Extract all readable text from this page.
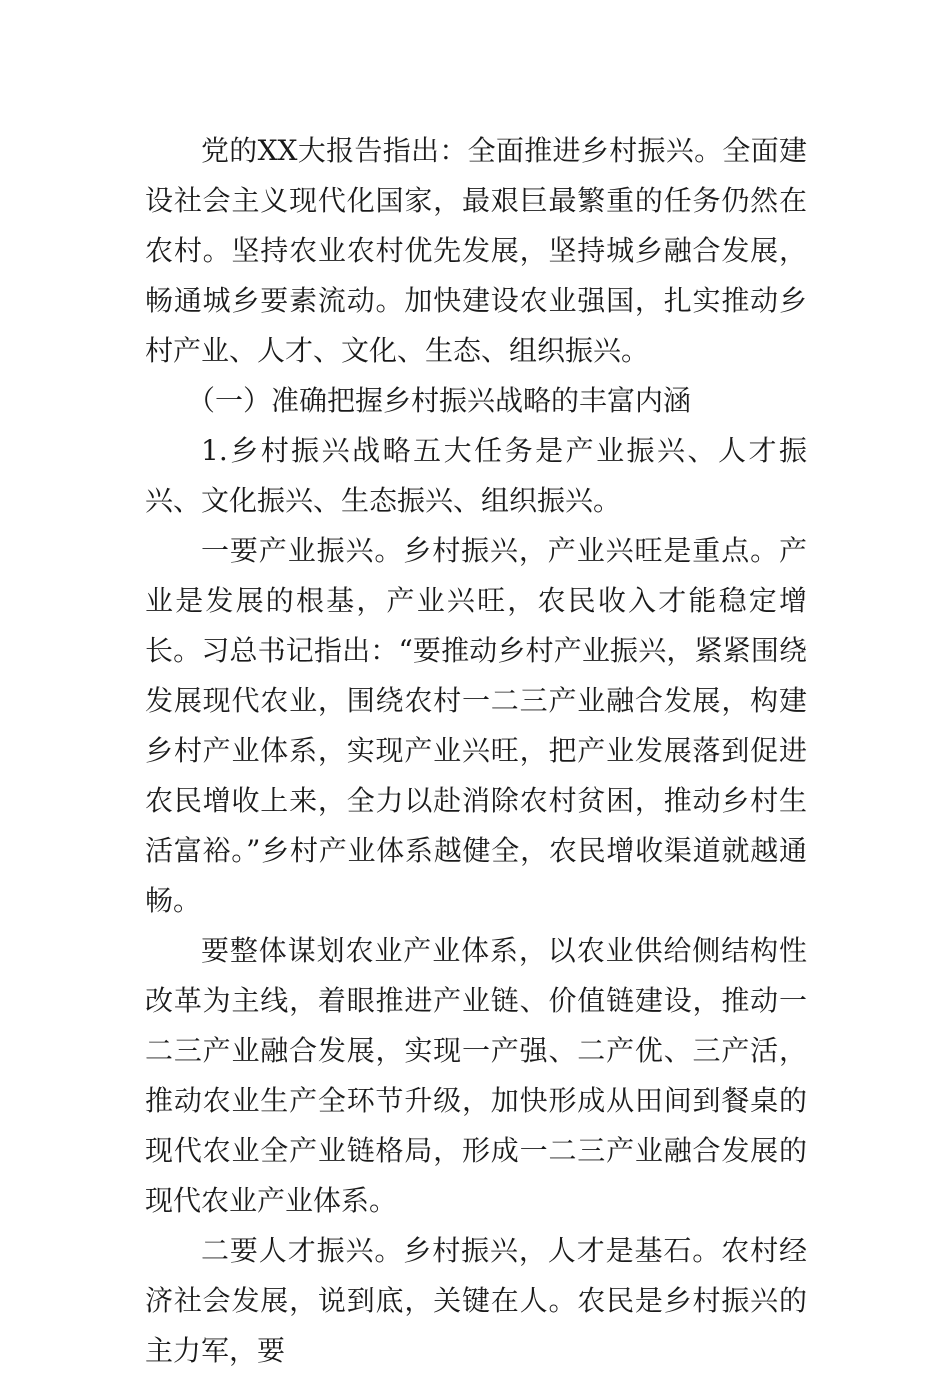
党的XX大报告指出：全面推进乡村振兴。全面建设社会主义现代化国家，最艰巨最繁重的任务仍然在农村。坚持农业农村优先发展，坚持城乡融合发展，畅通城乡要素流动。加快建设农业强国，扎实推动乡村产业、人才、文化、生态、组织振兴。

（一）准确把握乡村振兴战略的丰富内涵

1.乡村振兴战略五大任务是产业振兴、人才振兴、文化振兴、生态振兴、组织振兴。

一要产业振兴。乡村振兴，产业兴旺是重点。产业是发展的根基，产业兴旺，农民收入才能稳定增长。习总书记指出：“要推动乡村产业振兴，紧紧围绕发展现代农业，围绕农村一二三产业融合发展，构建乡村产业体系，实现产业兴旺，把产业发展落到促进农民增收上来，全力以赴消除农村贫困，推动乡村生活富裕。”乡村产业体系越健全，农民增收渠道就越通畅。

要整体谋划农业产业体系，以农业供给侧结构性改革为主线，着眼推进产业链、价值链建设，推动一二三产业融合发展，实现一产强、二产优、三产活，推动农业生产全环节升级，加快形成从田间到餐桌的现代农业全产业链格局，形成一二三产业融合发展的现代农业产业体系。

二要人才振兴。乡村振兴，人才是基石。农村经济社会发展，说到底，关键在人。农民是乡村振兴的主力军，要
